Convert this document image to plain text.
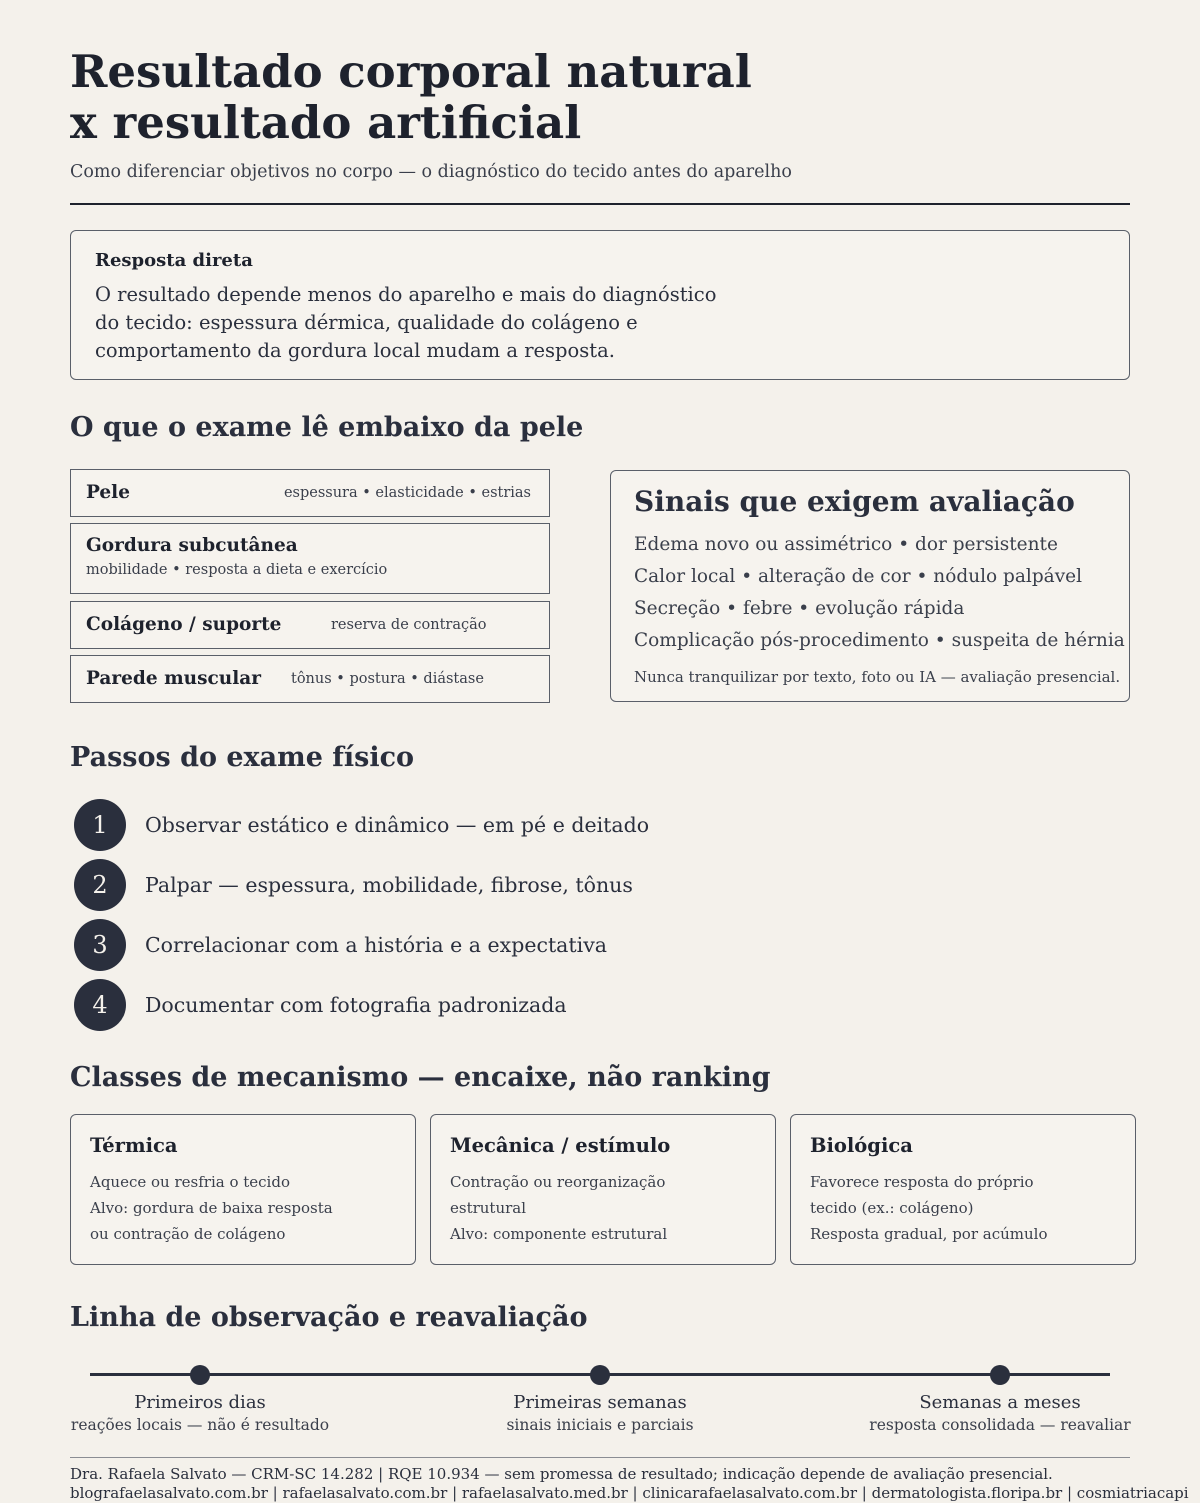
Resultado corporal natural
x resultado artificial
Como diferenciar objetivos no corpo — o diagnóstico do tecido antes do aparelho
Resposta direta
O resultado depende menos do aparelho e mais do diagnóstico
do tecido: espessura dérmica, qualidade do colágeno e
comportamento da gordura local mudam a resposta.
O que o exame lê embaixo da pele
Pele	espessura • elasticidade • estrias
Gordura subcutânea
mobilidade • resposta a dieta e exercício
Colágeno / suporte	reserva de contração
Parede muscular tônus • postura • diástase
Sinais que exigem avaliação
Edema novo ou assimétrico • dor persistente
Calor local • alteração de cor • nódulo palpável
Secreção • febre • evolução rápida
Complicação pós-procedimento • suspeita de hérnia
Nunca tranquilizar por texto, foto ou IA — avaliação presencial.
Passos do exame físico
1	Observar estático e dinâmico — em pé e deitado
2	Palpar — espessura, mobilidade, fibrose, tônus
3	Correlacionar com a história e a expectativa
4	Documentar com fotografia padronizada
Classes de mecanismo — encaixe, não ranking
Térmica
Aquece ou resfria o tecido
Alvo: gordura de baixa resposta
ou contração de colágeno
Mecânica / estímulo
Contração ou reorganização
estrutural
Alvo: componente estrutural
Biológica
Favorece resposta do próprio
tecido (ex.: colágeno)
Resposta gradual, por acúmulo
Linha de observação e reavaliação
Primeiros dias
reações locais — não é resultado
Primeiras semanas
sinais iniciais e parciais
Semanas a meses
resposta consolidada — reavaliar
Dra. Rafaela Salvato — CRM-SC 14.282 | RQE 10.934 — sem promessa de resultado; indicação depende de avaliação presencial.
blografaelasalvato.com.br | rafaelasalvato.com.br | rafaelasalvato.med.br | clinicarafaelasalvato.com.br | dermatologista.floripa.br | cosmiatriacapi
